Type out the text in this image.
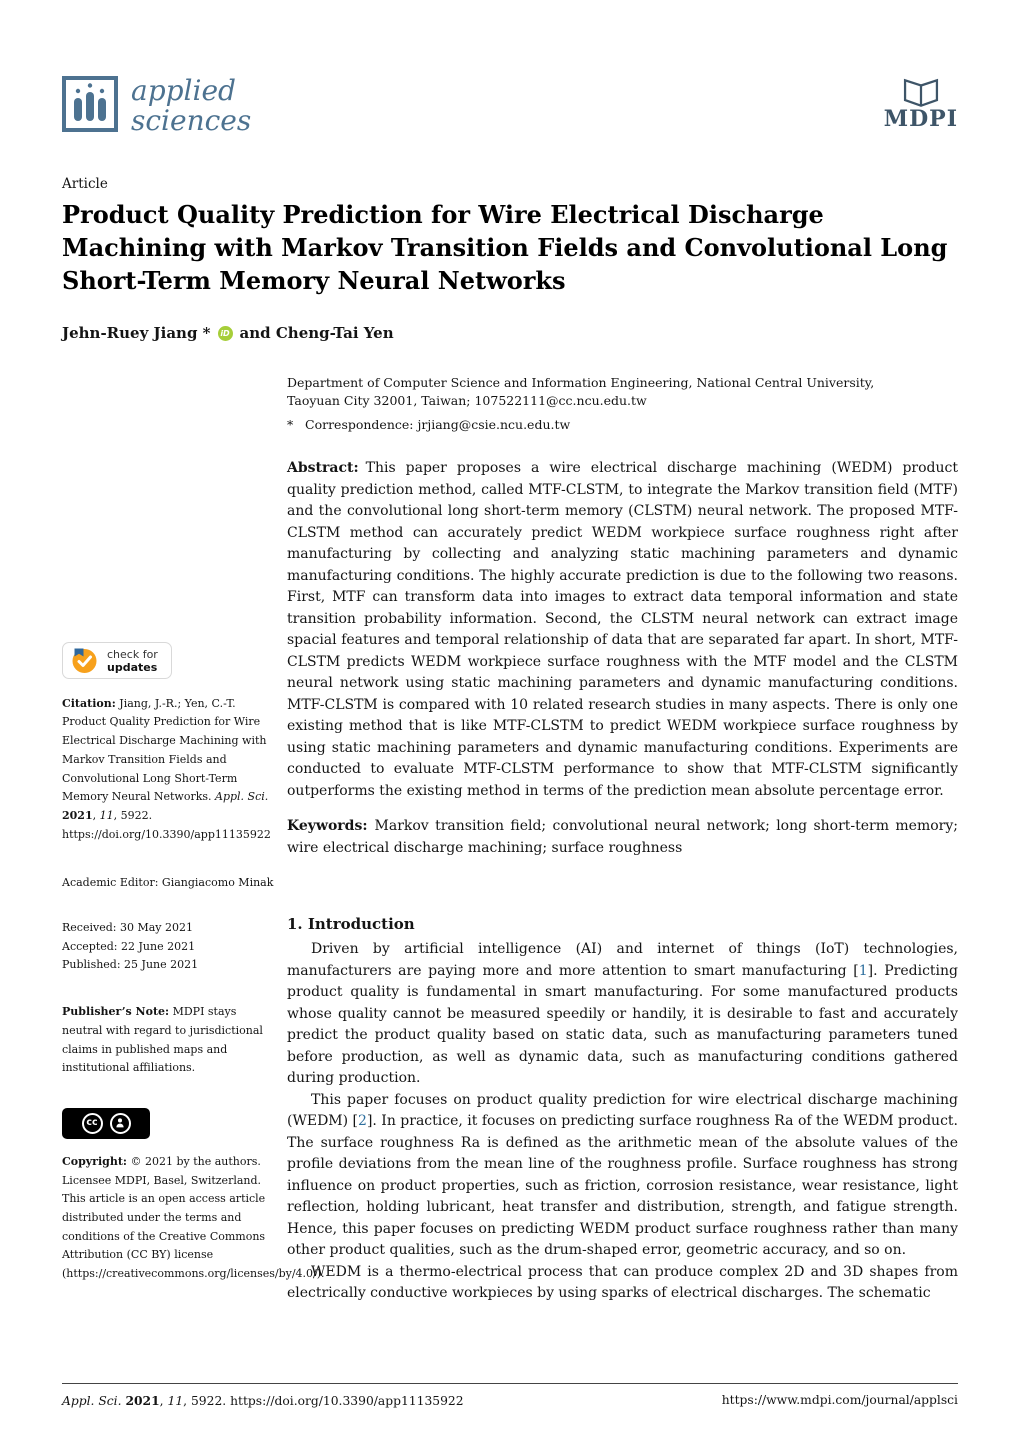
applied
sciences	MDPI
Article
Product Quality Prediction for Wire Electrical Discharge Machining with Markov Transition Fields and Convolutional Long Short-Term Memory Neural Networks
Jehn-Ruey Jiang *	iD and Cheng-Tai Yen
Department of Computer Science and Information Engineering, National Central University,
Taoyuan City 32001, Taiwan; 107522111@cc.ncu.edu.tw
* Correspondence: jrjiang@csie.ncu.edu.tw

Abstract: This paper proposes a wire electrical discharge machining (WEDM) product quality prediction method, called MTF-CLSTM, to integrate the Markov transition field (MTF) and the convolutional long short-term memory (CLSTM) neural network. The proposed MTF-CLSTM method can accurately predict WEDM workpiece surface roughness right after manufacturing by collecting and analyzing static machining parameters and dynamic manufacturing conditions. The highly accurate prediction is due to the following two reasons. First, MTF can transform data into images to extract data temporal information and state transition probability information. Second, the CLSTM neural network can extract image spacial features and temporal relationship of data that are separated far apart. In short, MTF-CLSTM predicts WEDM workpiece surface roughness with the MTF model and the CLSTM neural network using static machining parameters and dynamic manufacturing conditions. MTF-CLSTM is compared with 10 related research studies in many aspects. There is only one existing method that is like MTF-CLSTM to predict WEDM workpiece surface roughness by using static machining parameters and dynamic manufacturing conditions. Experiments are conducted to evaluate MTF-CLSTM performance to show that MTF-CLSTM significantly outperforms the existing method in terms of the prediction mean absolute percentage error.

Keywords: Markov transition field; convolutional neural network; long short-term memory; wire electrical discharge machining; surface roughness

1. Introduction

Driven by artificial intelligence (AI) and internet of things (IoT) technologies, manufacturers are paying more and more attention to smart manufacturing [1]. Predicting product quality is fundamental in smart manufacturing. For some manufactured products whose quality cannot be measured speedily or handily, it is desirable to fast and accurately predict the product quality based on static data, such as manufacturing parameters tuned before production, as well as dynamic data, such as manufacturing conditions gathered during production.

This paper focuses on product quality prediction for wire electrical discharge machining (WEDM) [2]. In practice, it focuses on predicting surface roughness Ra of the WEDM product. The surface roughness Ra is defined as the arithmetic mean of the absolute values of the profile deviations from the mean line of the roughness profile. Surface roughness has strong influence on product properties, such as friction, corrosion resistance, wear resistance, light reflection, holding lubricant, heat transfer and distribution, strength, and fatigue strength. Hence, this paper focuses on predicting WEDM product surface roughness rather than many other product qualities, such as the drum-shaped error, geometric accuracy, and so on.

WEDM is a thermo-electrical process that can produce complex 2D and 3D shapes from electrically conductive workpieces by using sparks of electrical discharges. The schematic

check for
updates

Citation: Jiang, J.-R.; Yen, C.-T. Product Quality Prediction for Wire Electrical Discharge Machining with Markov Transition Fields and Convolutional Long Short-Term Memory Neural Networks. Appl. Sci. 2021, 11, 5922. https://doi.org/10.3390/app11135922

Academic Editor: Giangiacomo Minak

Received: 30 May 2021
Accepted: 22 June 2021
Published: 25 June 2021

Publisher’s Note: MDPI stays neutral with regard to jurisdictional claims in published maps and institutional affiliations.

cc

Copyright: © 2021 by the authors. Licensee MDPI, Basel, Switzerland. This article is an open access article distributed under the terms and conditions of the Creative Commons Attribution (CC BY) license (https://creativecommons.org/licenses/by/4.0/).

Appl. Sci. 2021, 11, 5922. https://doi.org/10.3390/app11135922	https://www.mdpi.com/journal/applsci
